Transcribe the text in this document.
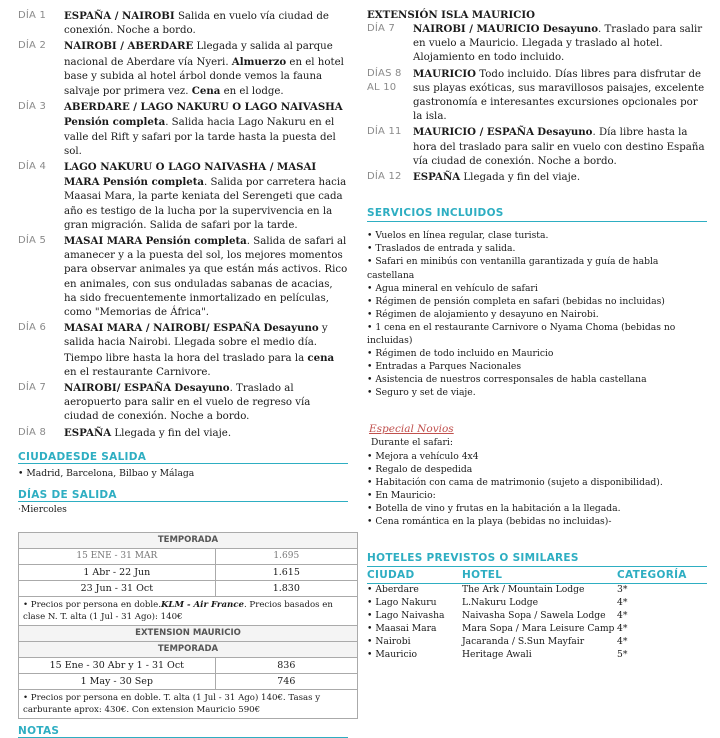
DÍA 1	ESPAÑA / NAIROBI Salida en vuelo vía ciudad de conexión. Noche a bordo.
DÍA 2	NAIROBI / ABERDARE Llegada y salida al parque nacional de Aberdare vía Nyeri. Almuerzo en el hotel base y subida al hotel árbol donde vemos la fauna salvaje por primera vez. Cena en el lodge.
DÍA 3	ABERDARE / LAGO NAKURU O LAGO NAIVASHA Pensión completa. Salida hacia Lago Nakuru en el valle del Rift y safari por la tarde hasta la puesta del sol.
DÍA 4	LAGO NAKURU O LAGO NAIVASHA / MASAI MARA Pensión completa. Salida por carretera hacia Maasai Mara, la parte keniata del Serengeti que cada año es testigo de la lucha por la supervivencia en la gran migración. Salida de safari por la tarde.
DÍA 5	MASAI MARA Pensión completa. Salida de safari al amanecer y a la puesta del sol, los mejores momentos para observar animales ya que están más activos. Rico en animales, con sus onduladas sabanas de acacias, ha sido frecuentemente inmortalizado en películas, como "Memorias de África".
DÍA 6	MASAI MARA / NAIROBI/ ESPAÑA Desayuno y salida hacia Nairobi. Llegada sobre el medio día. Tiempo libre hasta la hora del traslado para la cena en el restaurante Carnivore.
DÍA 7	NAIROBI/ ESPAÑA Desayuno. Traslado al aeropuerto para salir en el vuelo de regreso vía ciudad de conexión. Noche a bordo.
DÍA 8	ESPAÑA Llegada y fin del viaje.
CIUDADESDE SALIDA
• Madrid, Barcelona, Bilbao y Málaga
DÍAS DE SALIDA
·Miercoles
TEMPORADA	
15 ENE - 31 MAR	1.695
1 Abr - 22 Jun	1.615
23 Jun - 31 Oct	1.830
• Precios por persona en doble.KLM - Air France. Precios basados en clase N. T. alta (1 Jul - 31 Ago): 140€	
EXTENSION MAURICIO	
TEMPORADA	
15 Ene - 30 Abr y 1 - 31 Oct	836
1 May - 30 Sep	746
• Precios por persona en doble. T. alta (1 Jul - 31 Ago) 140€. Tasas y carburante aprox: 430€. Con extension Mauricio 590€	
NOTAS
EXTENSIÓN ISLA MAURICIO
DÍA 7	NAIROBI / MAURICIO Desayuno. Traslado para salir en vuelo a Mauricio. Llegada y traslado al hotel. Alojamiento en todo incluido.
DÍAS 8 AL 10
MAURICIO Todo incluido. Días libres para disfrutar de sus playas exóticas, sus maravillosos paisajes, excelente gastronomía e interesantes excursiones opcionales por la isla.
DÍA 11	MAURICIO / ESPAÑA Desayuno. Día libre hasta la hora del traslado para salir en vuelo con destino España vía ciudad de conexión. Noche a bordo.
DÍA 12	ESPAÑA Llegada y fin del viaje.
SERVICIOS INCLUIDOS
• Vuelos en línea regular, clase turista.
• Traslados de entrada y salida.
• Safari en minibús con ventanilla garantizada y guía de habla castellana
• Agua mineral en vehículo de safari
• Régimen de pensión completa en safari (bebidas no incluidas)
• Régimen de alojamiento y desayuno en Nairobi.
• 1 cena en el restaurante Carnivore o Nyama Choma (bebidas no incluidas)
• Régimen de todo incluido en Mauricio
• Entradas a Parques Nacionales
• Asistencia de nuestros corresponsales de habla castellana
• Seguro y set de viaje.
Especial Novios
Durante el safari:
• Mejora a vehículo 4x4
• Regalo de despedida
• Habitación con cama de matrimonio (sujeto a disponibilidad).
• En Mauricio:
• Botella de vino y frutas en la habitación a la llegada.
• Cena romántica en la playa (bebidas no incluidas)-
HOTELES PREVISTOS O SIMILARES
CIUDAD	HOTEL	CATEGORÍA
• Aberdare	The Ark / Mountain Lodge	3*
• Lago Nakuru	L.Nakuru Lodge	4*
• Lago Naivasha	Naivasha Sopa / Sawela Lodge	4*
• Maasai Mara	Mara Sopa / Mara Leisure Camp	4*
• Nairobi	Jacaranda / S.Sun Mayfair	4*
• Mauricio	Heritage Awali	5*
